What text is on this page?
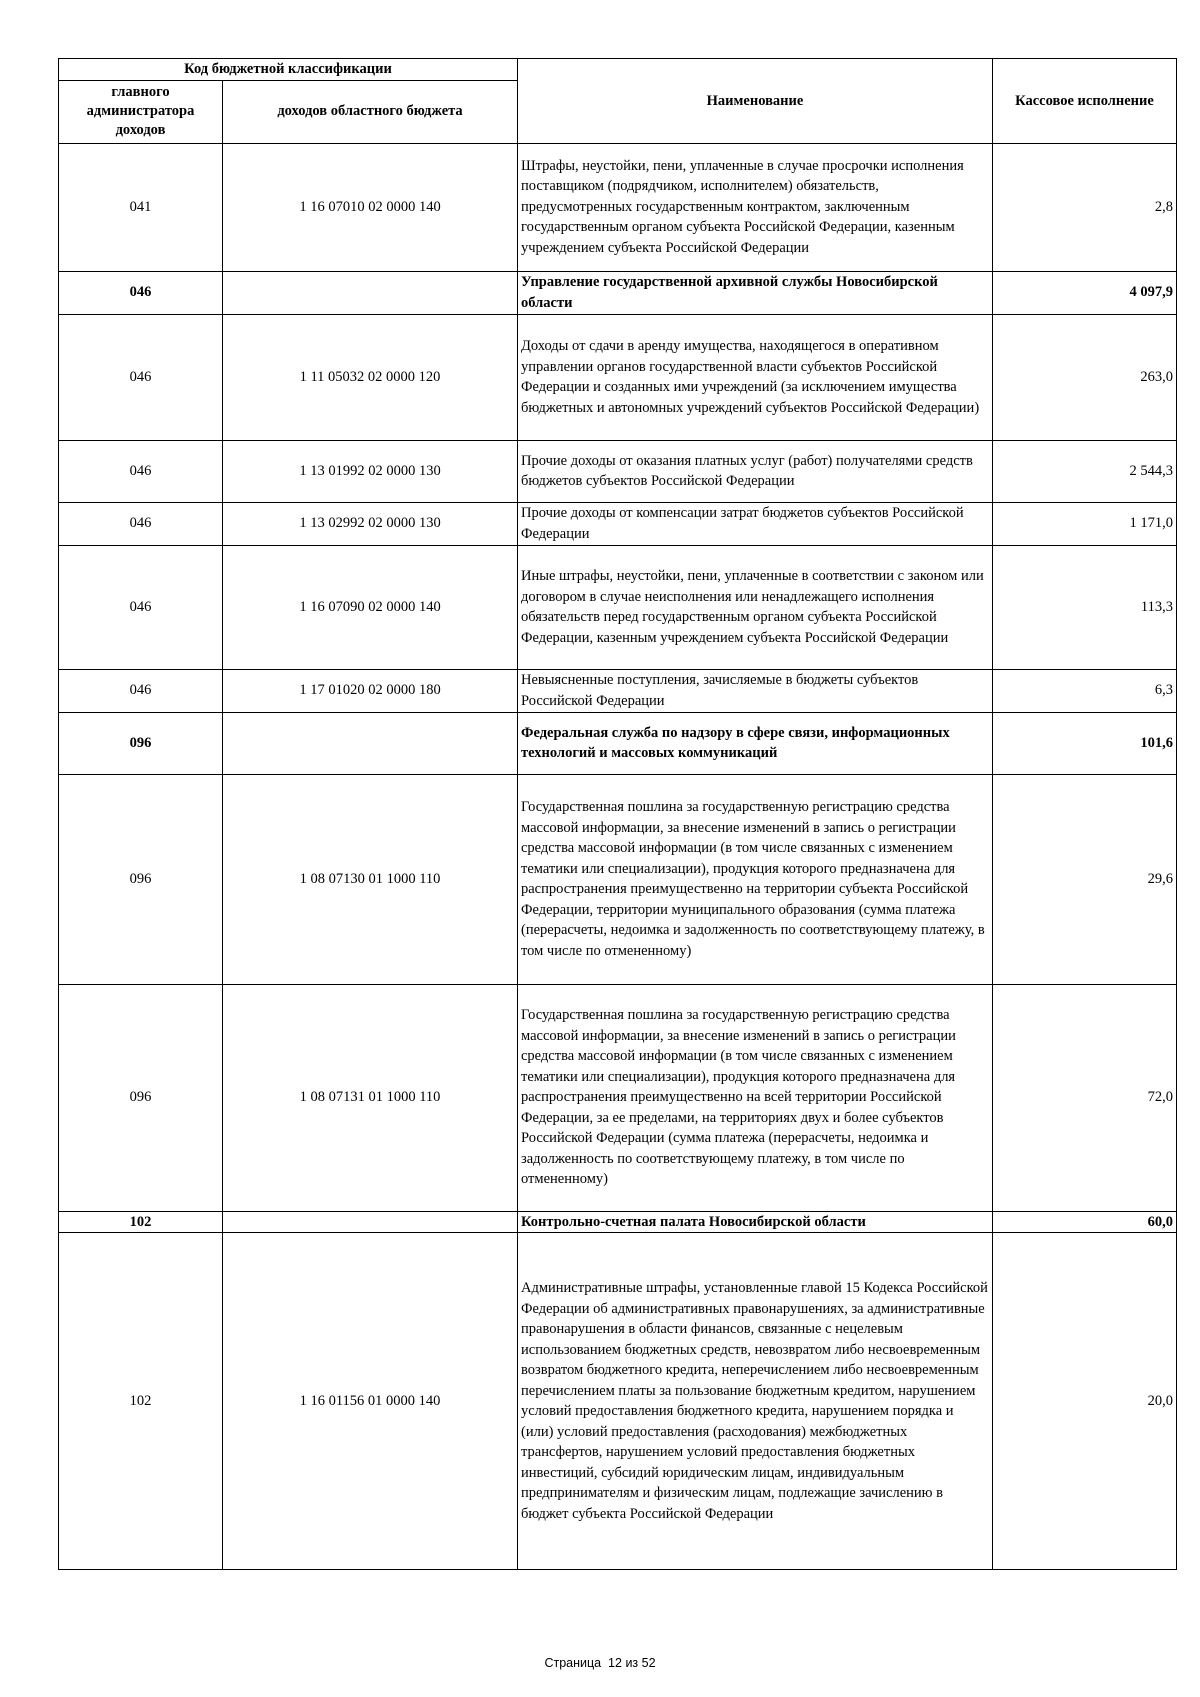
Код бюджетной классификации		Наименование	Кассовое исполнение
главного администратора доходов	доходов областного бюджета		
041	1 16 07010 02 0000 140	Штрафы, неустойки, пени, уплаченные в случае просрочки исполнения поставщиком (подрядчиком, исполнителем) обязательств, предусмотренных государственным контрактом, заключенным государственным органом субъекта Российской Федерации, казенным учреждением субъекта Российской Федерации	2,8
046		Управление государственной архивной службы Новосибирской области	4 097,9
046	1 11 05032 02 0000 120	Доходы от сдачи в аренду имущества, находящегося в оперативном управлении органов государственной власти субъектов Российской Федерации и созданных ими учреждений (за исключением имущества бюджетных и автономных учреждений субъектов Российской Федерации)	263,0
046	1 13 01992 02 0000 130	Прочие доходы от оказания платных услуг (работ) получателями средств бюджетов субъектов Российской Федерации	2 544,3
046	1 13 02992 02 0000 130	Прочие доходы от компенсации затрат бюджетов субъектов Российской Федерации	1 171,0
046	1 16 07090 02 0000 140	Иные штрафы, неустойки, пени, уплаченные в соответствии с законом или договором в случае неисполнения или ненадлежащего исполнения обязательств перед государственным органом субъекта Российской Федерации, казенным учреждением субъекта Российской Федерации	113,3
046	1 17 01020 02 0000 180	Невыясненные поступления, зачисляемые в бюджеты субъектов Российской Федерации	6,3
096		Федеральная служба по надзору в сфере связи, информационных технологий и массовых коммуникаций	101,6
096	1 08 07130 01 1000 110	Государственная пошлина за государственную регистрацию средства массовой информации, за внесение изменений в запись о регистрации средства массовой информации (в том числе связанных с изменением тематики или специализации), продукция которого предназначена для распространения преимущественно на территории субъекта Российской Федерации, территории муниципального образования (сумма платежа (перерасчеты, недоимка и задолженность по соответствующему платежу, в том числе по отмененному)	29,6
096	1 08 07131 01 1000 110	Государственная пошлина за государственную регистрацию средства массовой информации, за внесение изменений в запись о регистрации средства массовой информации (в том числе связанных с изменением тематики или специализации), продукция которого предназначена для распространения преимущественно на всей территории Российской Федерации, за ее пределами, на территориях двух и более субъектов Российской Федерации (сумма платежа (перерасчеты, недоимка и задолженность по соответствующему платежу, в том числе по отмененному)	72,0
102		Контрольно-счетная палата Новосибирской области	60,0
102	1 16 01156 01 0000 140	Административные штрафы, установленные главой 15 Кодекса Российской Федерации об административных правонарушениях, за административные правонарушения в области финансов, связанные с нецелевым использованием бюджетных средств, невозвратом либо несвоевременным возвратом бюджетного кредита, неперечислением либо несвоевременным перечислением платы за пользование бюджетным кредитом, нарушением условий предоставления бюджетного кредита, нарушением порядка и (или) условий предоставления (расходования) межбюджетных трансфертов, нарушением условий предоставления бюджетных инвестиций, субсидий юридическим лицам, индивидуальным предпринимателям и физическим лицам, подлежащие зачислению в бюджет субъекта Российской Федерации	20,0
Страница 12 из 52
